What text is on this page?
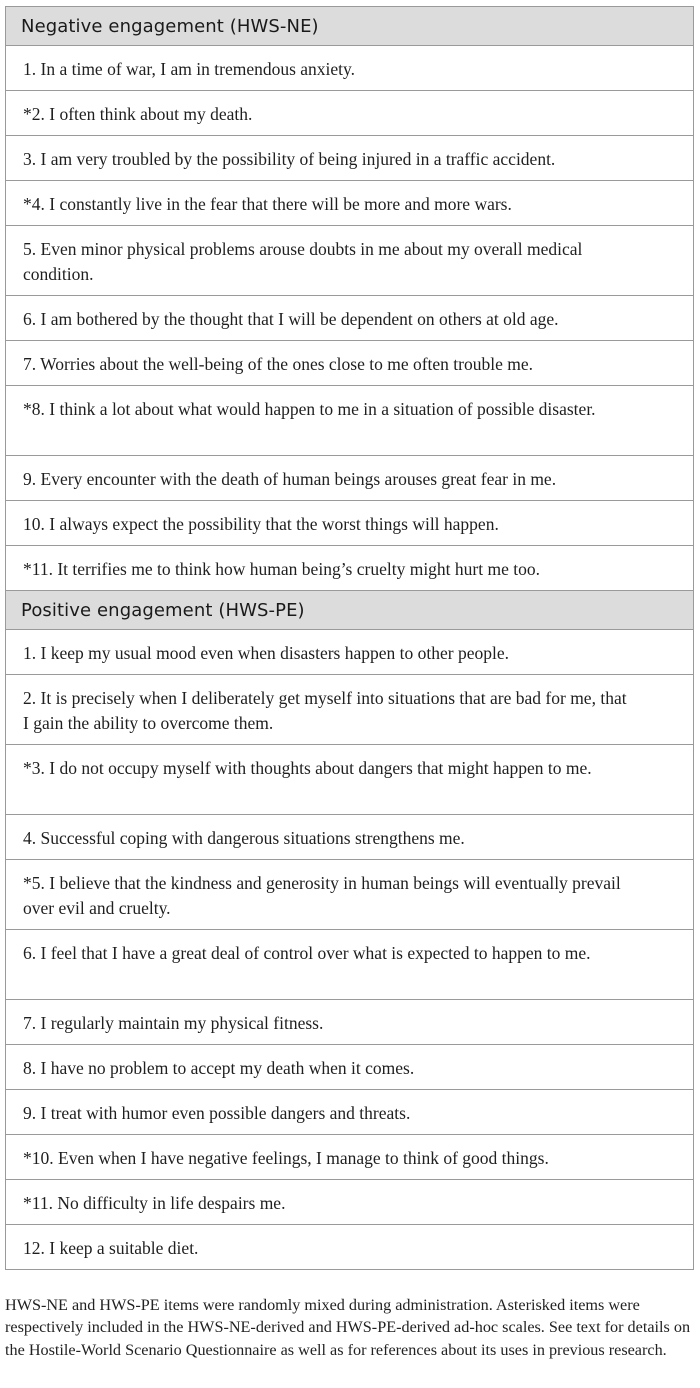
Negative engagement (HWS-NE)
1. In a time of war, I am in tremendous anxiety.
*2. I often think about my death.
3. I am very troubled by the possibility of being injured in a traffic accident.
*4. I constantly live in the fear that there will be more and more wars.
5. Even minor physical problems arouse doubts in me about my overall medical condition.
6. I am bothered by the thought that I will be dependent on others at old age.
7. Worries about the well-being of the ones close to me often trouble me.
*8. I think a lot about what would happen to me in a situation of possible disaster.
9. Every encounter with the death of human beings arouses great fear in me.
10. I always expect the possibility that the worst things will happen.
*11. It terrifies me to think how human being’s cruelty might hurt me too.
Positive engagement (HWS-PE)
1. I keep my usual mood even when disasters happen to other people.
2. It is precisely when I deliberately get myself into situations that are bad for me, that I gain the ability to overcome them.
*3. I do not occupy myself with thoughts about dangers that might happen to me.
4. Successful coping with dangerous situations strengthens me.
*5. I believe that the kindness and generosity in human beings will eventually prevail over evil and cruelty.
6. I feel that I have a great deal of control over what is expected to happen to me.
7. I regularly maintain my physical fitness.
8. I have no problem to accept my death when it comes.
9. I treat with humor even possible dangers and threats.
*10. Even when I have negative feelings, I manage to think of good things.
*11. No difficulty in life despairs me.
12. I keep a suitable diet.
HWS-NE and HWS-PE items were randomly mixed during administration. Asterisked items were respectively included in the HWS-NE-derived and HWS-PE-derived ad-hoc scales. See text for details on the Hostile-World Scenario Questionnaire as well as for references about its uses in previous research.
